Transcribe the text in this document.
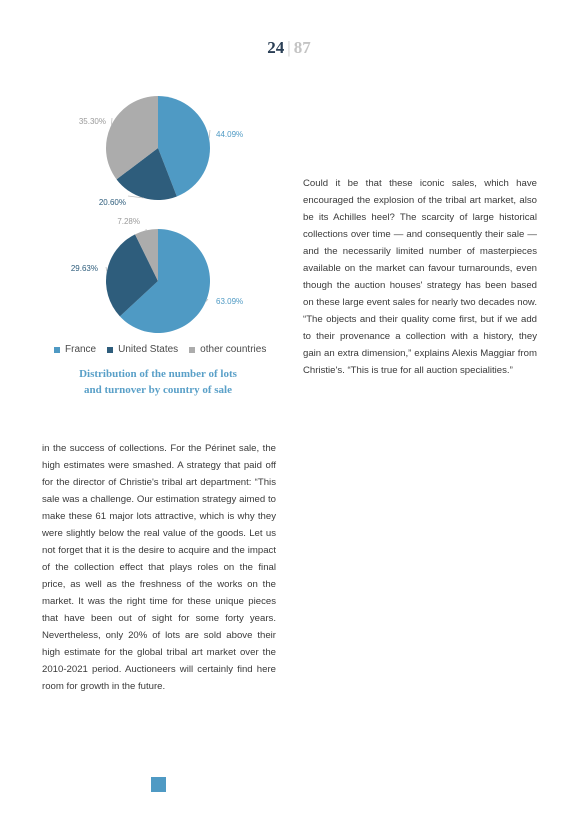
24 | 87
44.09%
20.60%
35.30%
63.09%
29.63%
7.28%
France United States other countries
Distribution of the number of lots
and turnover by country of sale

Could it be that these iconic sales, which have encouraged the explosion of the tribal art market, also be its Achilles heel? The scarcity of large historical collections over time — and consequently their sale — and the necessarily limited number of masterpieces available on the market can favour turnarounds, even though the auction houses' strategy has been based on these large event sales for nearly two decades now. “The objects and their quality come first, but if we add to their provenance a collection with a history, they gain an extra dimension,” explains Alexis Maggiar from Christie's. “This is true for all auction specialities.”

in the success of collections. For the Périnet sale, the high estimates were smashed. A strategy that paid off for the director of Christie's tribal art department: “This sale was a challenge. Our estimation strategy aimed to make these 61 major lots attractive, which is why they were slightly below the real value of the goods. Let us not forget that it is the desire to acquire and the impact of the collection effect that plays roles on the final price, as well as the freshness of the works on the market. It was the right time for these unique pieces that have been out of sight for some forty years. Nevertheless, only 20% of lots are sold above their high estimate for the global tribal art market over the 2010-2021 period. Auctioneers will certainly find here room for growth in the future.
